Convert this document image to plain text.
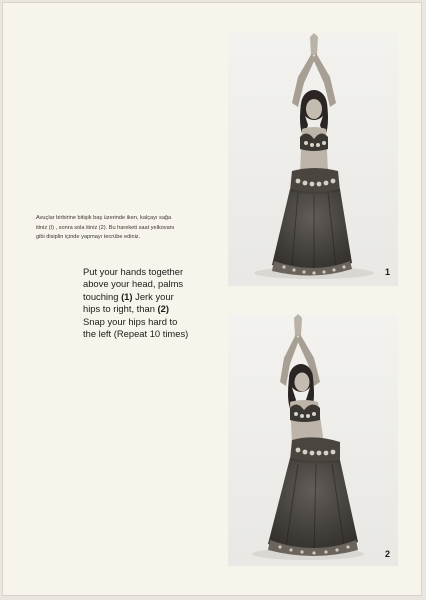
Avuçlar birbirine bitişik baş üzerinde iken, kalçayı sağa
itiniz (I) , sonra sola itiniz (2). Bu hareketi saat yelkovanı
gibi disiplin içinde yapmayı tecrübe ediniz.
Put your hands together
above your head, palms
touching (1) Jerk your
hips to right, than (2)
Snap your hips hard to
the left (Repeat 10 times)
1
2
